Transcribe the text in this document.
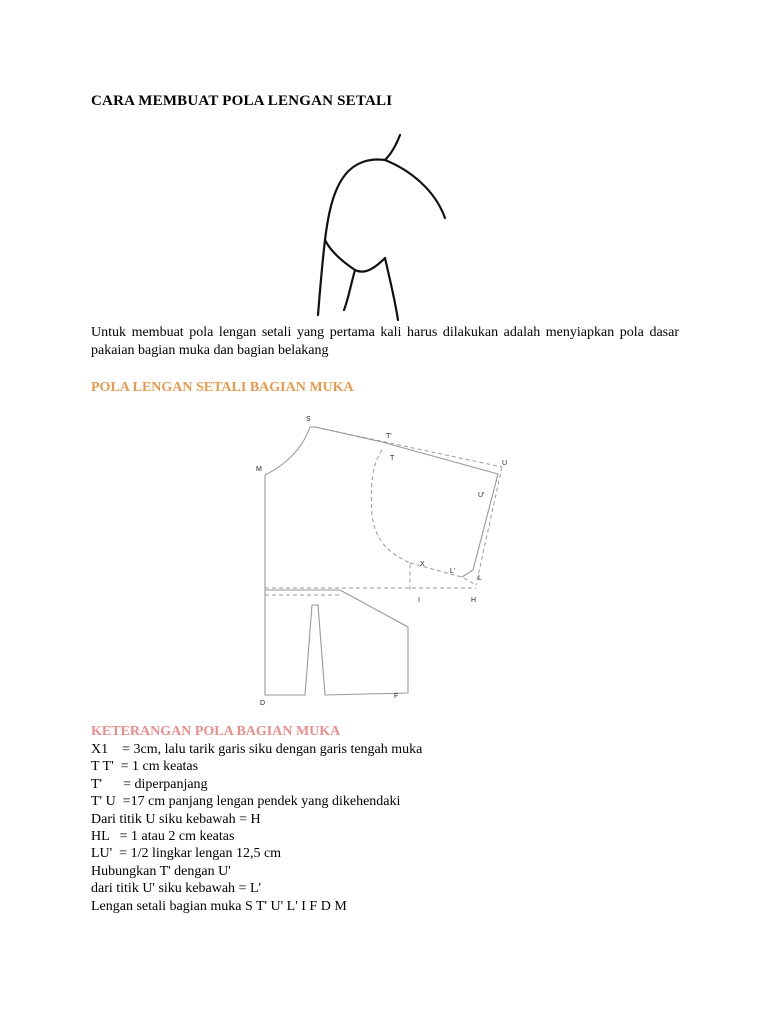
CARA MEMBUAT POLA LENGAN SETALI

Untuk membuat pola lengan setali yang pertama kali harus dilakukan adalah menyiapkan pola dasar pakaian bagian muka dan bagian belakang

POLA LENGAN SETALI BAGIAN MUKA
S
T'
T
U
U'
M
X
L'
L
I	H
D
F
KETERANGAN POLA BAGIAN MUKA
X1    = 3cm, lalu tarik garis siku dengan garis tengah muka
T T'  = 1 cm keatas
T'      = diperpanjang
T' U  =17 cm panjang lengan pendek yang dikehendaki
Dari titik U siku kebawah = H
HL   = 1 atau 2 cm keatas
LU'  = 1/2 lingkar lengan 12,5 cm
Hubungkan T' dengan U'
dari titik U' siku kebawah = L'
Lengan setali bagian muka S T' U' L' I F D M
